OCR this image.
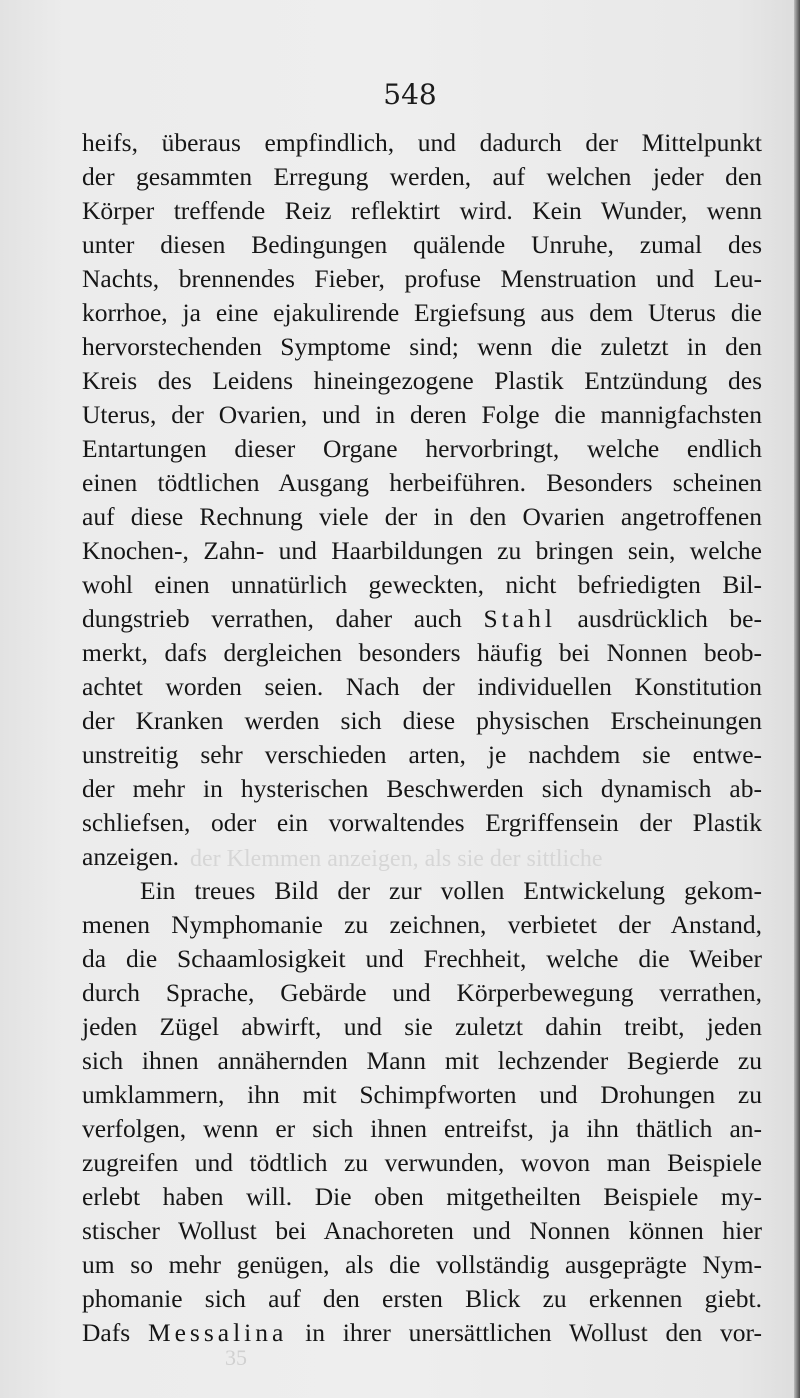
der Klemmen anzeigen, als sie der sittliche
35

548

heifs, überaus empfindlich, und dadurch der Mittelpunkt
der gesammten Erregung werden, auf welchen jeder den
Körper treffende Reiz reflektirt wird. Kein Wunder, wenn
unter diesen Bedingungen quälende Unruhe, zumal des
Nachts, brennendes Fieber, profuse Menstruation und Leu-
korrhoe, ja eine ejakulirende Ergiefsung aus dem Uterus die
hervorstechenden Symptome sind; wenn die zuletzt in den
Kreis des Leidens hineingezogene Plastik Entzündung des
Uterus, der Ovarien, und in deren Folge die mannigfachsten
Entartungen dieser Organe hervorbringt, welche endlich
einen tödtlichen Ausgang herbeiführen. Besonders scheinen
auf diese Rechnung viele der in den Ovarien angetroffenen
Knochen-, Zahn- und Haarbildungen zu bringen sein, welche
wohl einen unnatürlich geweckten, nicht befriedigten Bil-
dungstrieb verrathen, daher auch Stahl ausdrücklich be-
merkt, dafs dergleichen besonders häufig bei Nonnen beob-
achtet worden seien. Nach der individuellen Konstitution
der Kranken werden sich diese physischen Erscheinungen
unstreitig sehr verschieden arten, je nachdem sie entwe-
der mehr in hysterischen Beschwerden sich dynamisch ab-
schliefsen, oder ein vorwaltendes Ergriffensein der Plastik
anzeigen.
Ein treues Bild der zur vollen Entwickelung gekom-
menen Nymphomanie zu zeichnen, verbietet der Anstand,
da die Schaamlosigkeit und Frechheit, welche die Weiber
durch Sprache, Gebärde und Körperbewegung verrathen,
jeden Zügel abwirft, und sie zuletzt dahin treibt, jeden
sich ihnen annähernden Mann mit lechzender Begierde zu
umklammern, ihn mit Schimpfworten und Drohungen zu
verfolgen, wenn er sich ihnen entreifst, ja ihn thätlich an-
zugreifen und tödtlich zu verwunden, wovon man Beispiele
erlebt haben will. Die oben mitgetheilten Beispiele my-
stischer Wollust bei Anachoreten und Nonnen können hier
um so mehr genügen, als die vollständig ausgeprägte Nym-
phomanie sich auf den ersten Blick zu erkennen giebt.
Dafs Messalina in ihrer unersättlichen Wollust den vor-
